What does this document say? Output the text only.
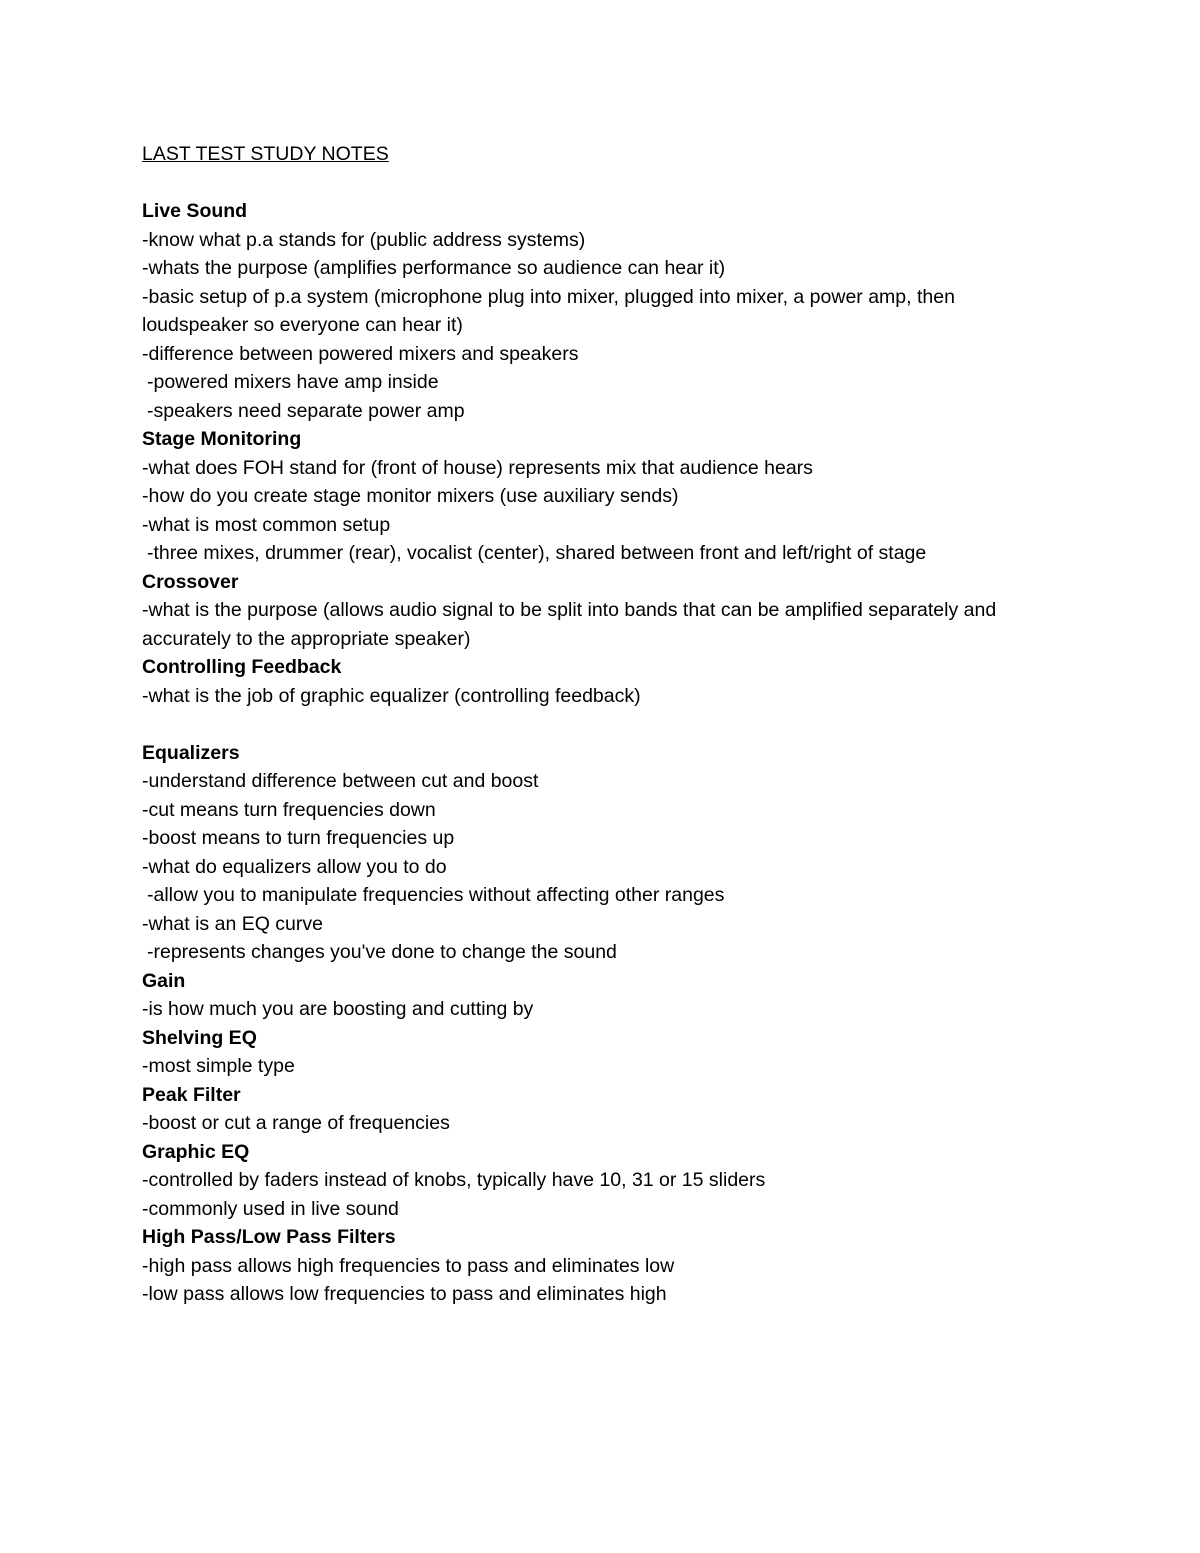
LAST TEST STUDY NOTES

Live Sound

-know what p.a stands for (public address systems)

-whats the purpose (amplifies performance so audience can hear it)

-basic setup of p.a system (microphone plug into mixer, plugged into mixer, a power amp, then loudspeaker so everyone can hear it)

-difference between powered mixers and speakers

-powered mixers have amp inside

-speakers need separate power amp

Stage Monitoring

-what does FOH stand for (front of house) represents mix that audience hears

-how do you create stage monitor mixers (use auxiliary sends)

-what is most common setup

-three mixes, drummer (rear), vocalist (center), shared between front and left/right of stage

Crossover

-what is the purpose (allows audio signal to be split into bands that can be amplified separately and accurately to the appropriate speaker)

Controlling Feedback

-what is the job of graphic equalizer (controlling feedback)

Equalizers

-understand difference between cut and boost

-cut means turn frequencies down

-boost means to turn frequencies up

-what do equalizers allow you to do

-allow you to manipulate frequencies without affecting other ranges

-what is an EQ curve

-represents changes you've done to change the sound

Gain

-is how much you are boosting and cutting by

Shelving EQ

-most simple type

Peak Filter

-boost or cut a range of frequencies

Graphic EQ

-controlled by faders instead of knobs, typically have 10, 31 or 15 sliders

-commonly used in live sound

High Pass/Low Pass Filters

-high pass allows high frequencies to pass and eliminates low

-low pass allows low frequencies to pass and eliminates high
